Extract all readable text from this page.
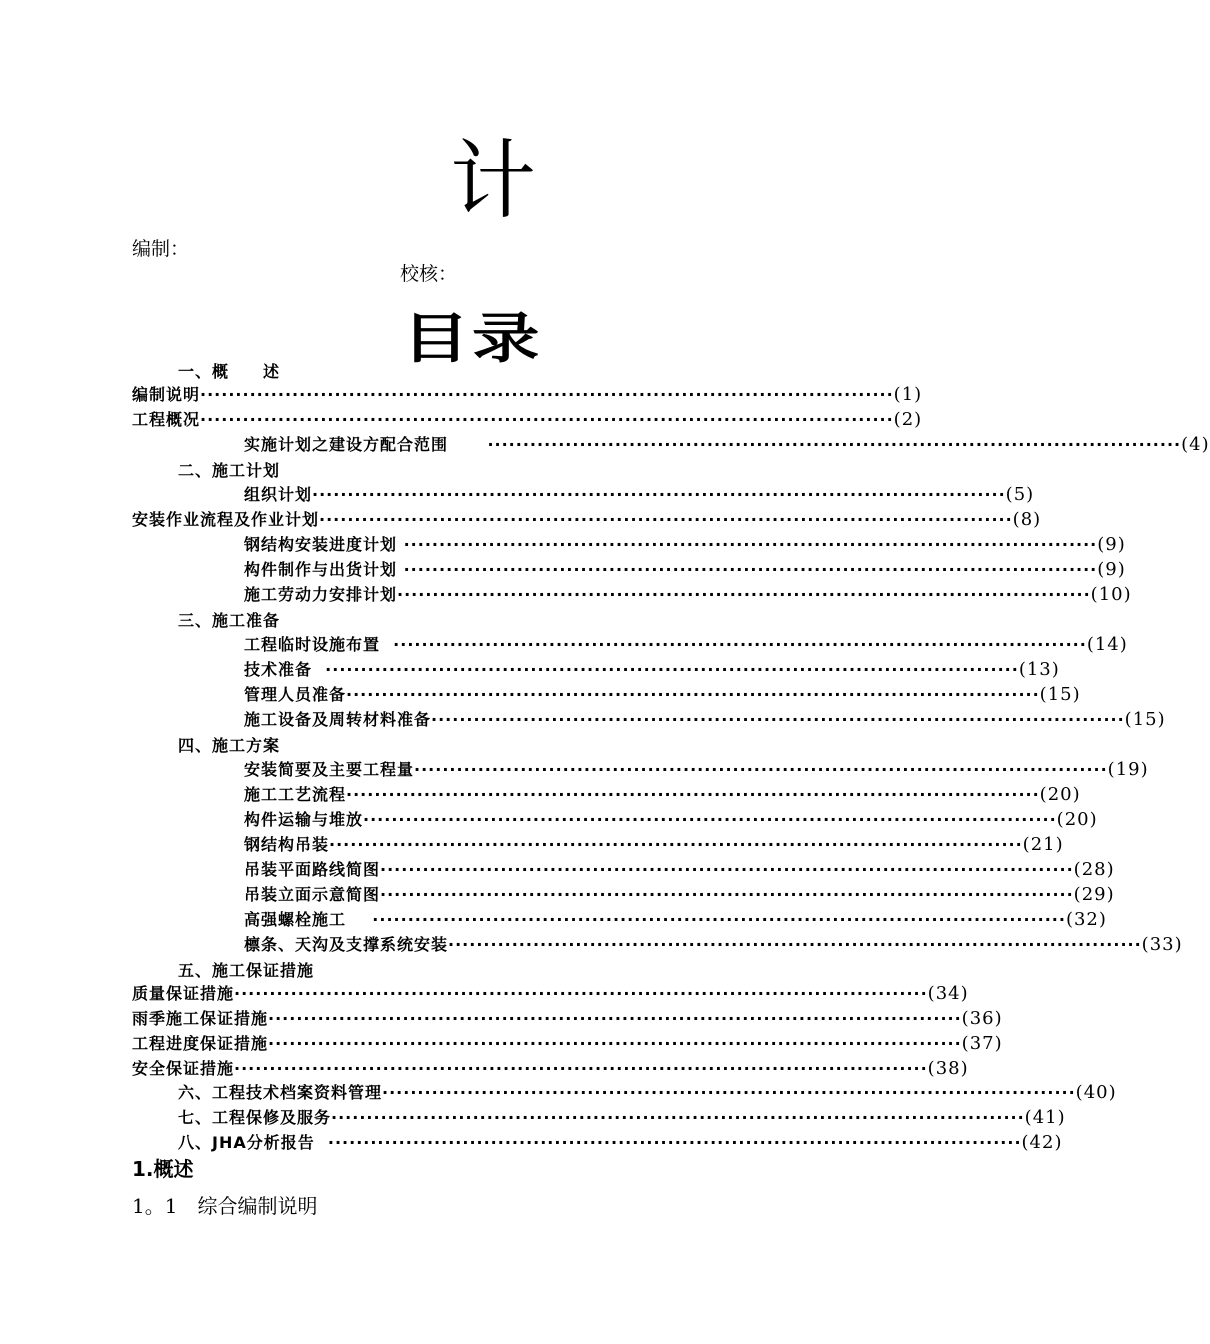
计
编制：
校核：
目录
一、概　　述
编制说明 ·································································································· (1)
工程概况 ·································································································· (2)
实施计划之建设方配合范围
·································································································· (4)
二、施工计划
组织计划 ·································································································· (5)
安装作业流程及作业计划 ·································································································· (8)
钢结构安装进度计划
·································································································· (9)
构件制作与出货计划
·································································································· (9)
施工劳动力安排计划 ·································································································· (10)
三、施工准备
工程临时设施布置
·································································································· (14)
技术准备
·································································································· (13)
管理人员准备 ·································································································· (15)
施工设备及周转材料准备 ·································································································· (15)
四、施工方案
安装简要及主要工程量 ·································································································· (19)
施工工艺流程 ·································································································· (20)
构件运输与堆放 ·································································································· (20)
钢结构吊装 ·································································································· (21)
吊装平面路线简图 ·································································································· (28)
吊装立面示意简图 ·································································································· (29)
高强螺栓施工
·································································································· (32)
檩条、天沟及支撑系统安装 ·································································································· (33)
五、施工保证措施
质量保证措施 ·································································································· (34)
雨季施工保证措施 ·································································································· (36)
工程进度保证措施 ·································································································· (37)
安全保证措施 ·································································································· (38)
六、工程技术档案资料管理 ·································································································· (40)
七、工程保修及服务 ·································································································· (41)
八、JHA分析报告
·································································································· (42)
1.概述
1。1　综合编制说明
